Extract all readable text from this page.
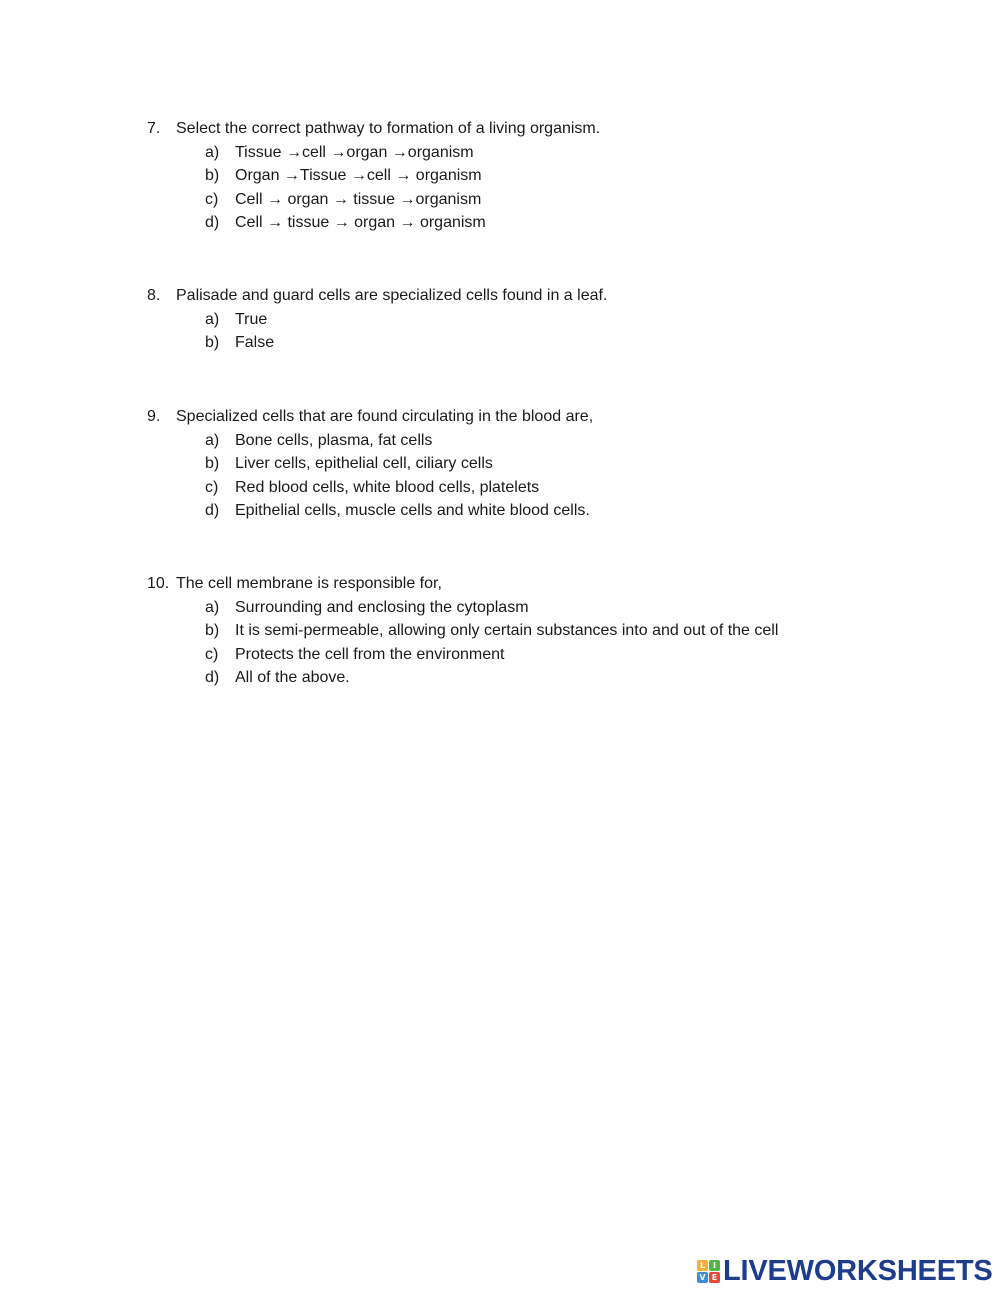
7. Select the correct pathway to formation of a living organism.
a) Tissue →cell →organ →organism
b) Organ →Tissue →cell → organism
c) Cell → organ → tissue →organism
d) Cell → tissue → organ → organism
8. Palisade and guard cells are specialized cells found in a leaf.
a) True
b) False
9. Specialized cells that are found circulating in the blood are,
a) Bone cells, plasma, fat cells
b) Liver cells, epithelial cell, ciliary cells
c) Red blood cells, white blood cells, platelets
d) Epithelial cells, muscle cells and white blood cells.
10. The cell membrane is responsible for,
a) Surrounding and enclosing the cytoplasm
b) It is semi-permeable, allowing only certain substances into and out of the cell
c) Protects the cell from the environment
d) All of the above.
L I
V E LIVEWORKSHEETS
